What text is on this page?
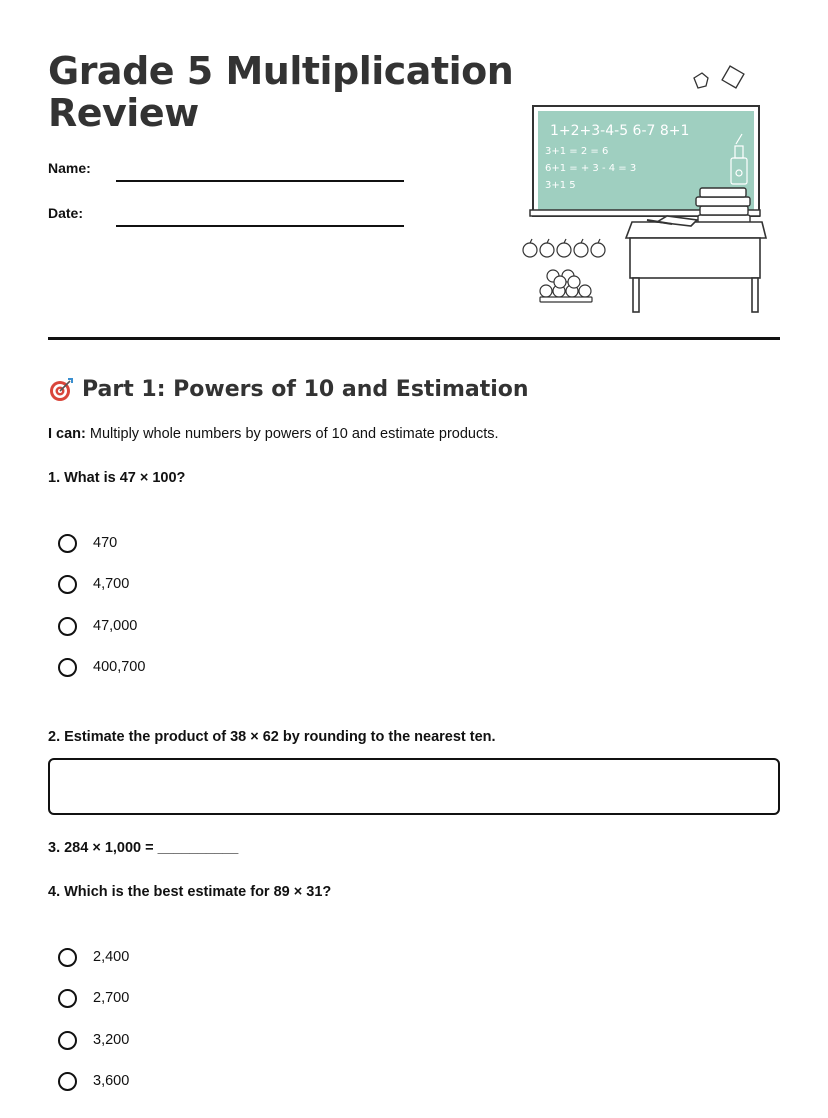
Grade 5 Multiplication Review
Name:
Date:
1+2+3-4-5 6-7 8+1
3+1 = 2 = 6
6+1 = + 3 - 4 = 3
3+1 5
Part 1: Powers of 10 and Estimation
I can: Multiply whole numbers by powers of 10 and estimate products.
1. What is 47 × 100?
470
4,700
47,000
400,700
2. Estimate the product of 38 × 62 by rounding to the nearest ten.
3. 284 × 1,000 = __________
4. Which is the best estimate for 89 × 31?
2,400
2,700
3,200
3,600
